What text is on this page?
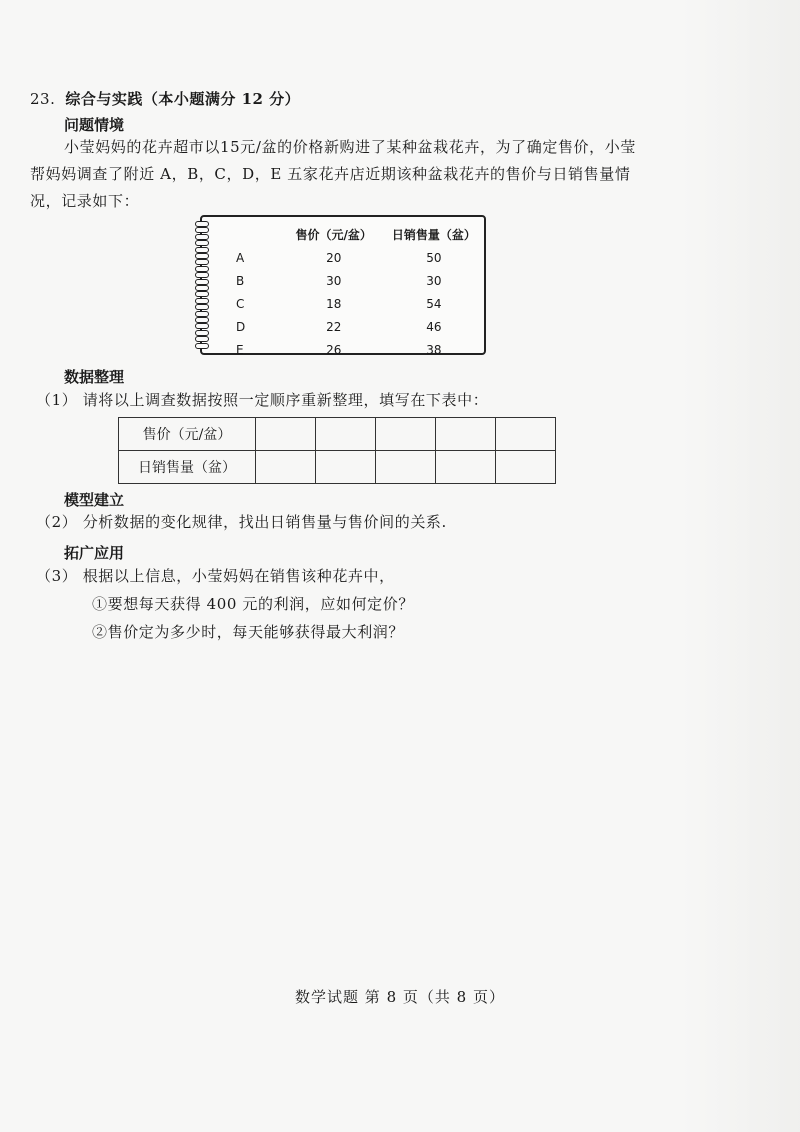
23. 综合与实践（本小题满分 12 分）
问题情境

小莹妈妈的花卉超市以15元/盆的价格新购进了某种盆栽花卉，为了确定售价，小莹

帮妈妈调查了附近 A，B，C，D，E 五家花卉店近期该种盆栽花卉的售价与日销售量情

况，记录如下：

	售价（元/盆）	日销售量（盆）
A	20	50
B	30	30
C	18	54
D	22	46
E	26	38
数据整理
（1） 请将以上调查数据按照一定顺序重新整理，填写在下表中：
售价（元/盆）					
日销售量（盆）					
模型建立
（2） 分析数据的变化规律，找出日销售量与售价间的关系.
拓广应用
（3） 根据以上信息，小莹妈妈在销售该种花卉中，
①要想每天获得 400 元的利润，应如何定价？
②售价定为多少时，每天能够获得最大利润？
数学试题 第 8 页（共 8 页）
